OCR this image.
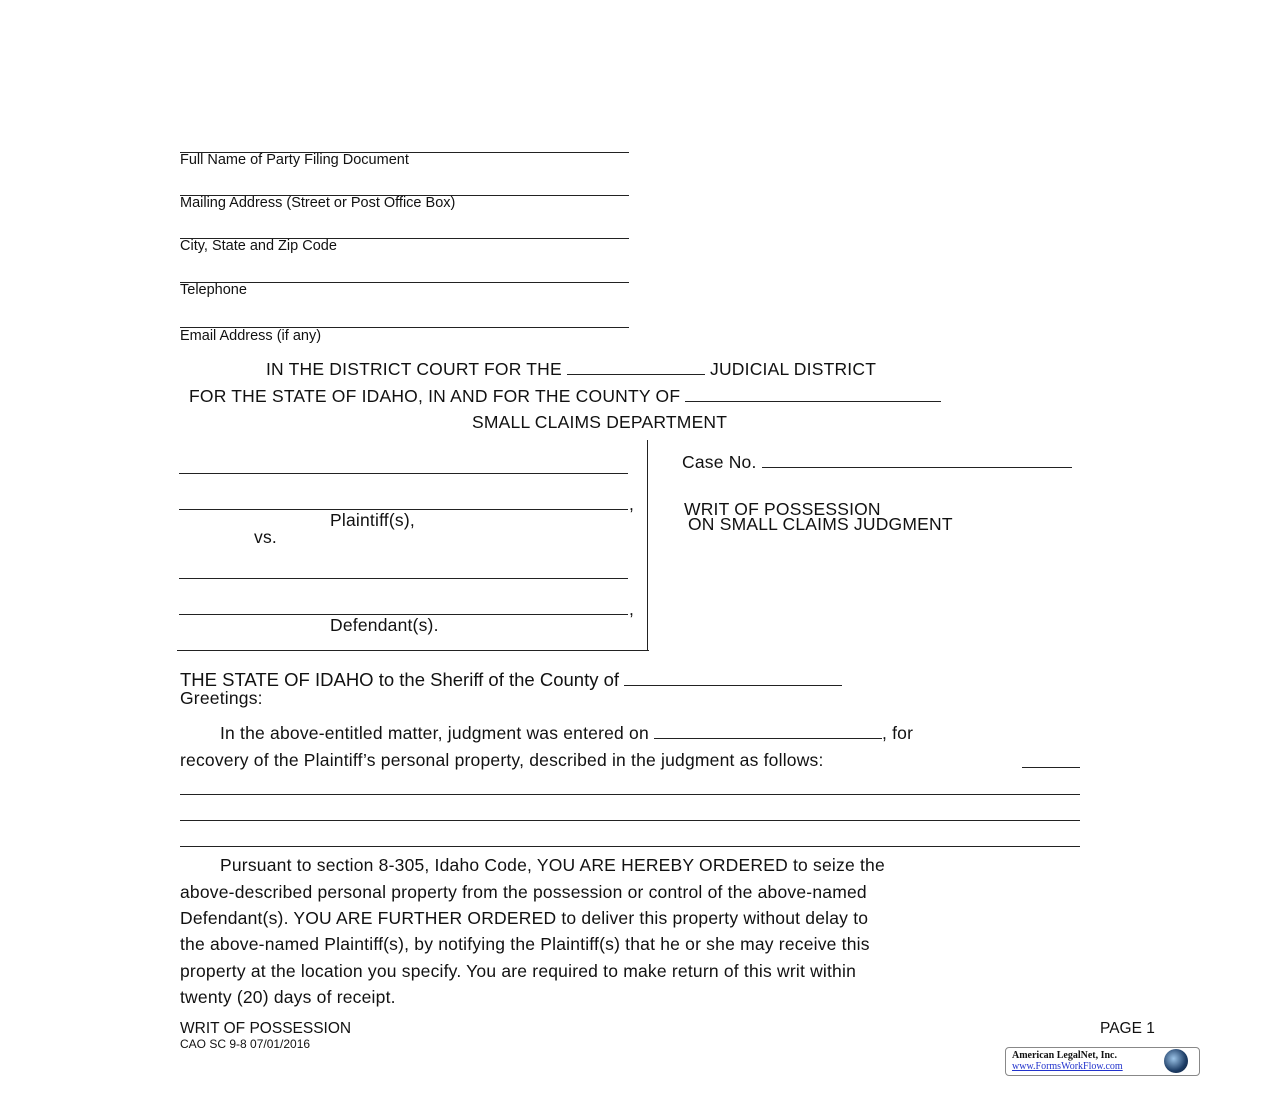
Full Name of Party Filing Document
Mailing Address (Street or Post Office Box)
City, State and Zip Code
Telephone
Email Address (if any)
IN THE DISTRICT COURT FOR THE	JUDICIAL DISTRICT
FOR THE STATE OF IDAHO, IN AND FOR THE COUNTY OF
SMALL CLAIMS DEPARTMENT
,
Plaintiff(s),
vs.
,
Defendant(s).
Case No.
WRIT OF POSSESSION
ON SMALL CLAIMS JUDGMENT
THE STATE OF IDAHO to the Sheriff of the County of
Greetings:
In the above-entitled matter, judgment was entered on	, for
recovery of the Plaintiff’s personal property, described in the judgment as follows:
Pursuant to section 8-305, Idaho Code, YOU ARE HEREBY ORDERED to seize the
above-described personal property from the possession or control of the above-named
Defendant(s). YOU ARE FURTHER ORDERED to deliver this property without delay to
the above-named Plaintiff(s), by notifying the Plaintiff(s) that he or she may receive this
property at the location you specify. You are required to make return of this writ within
twenty (20) days of receipt.
WRIT OF POSSESSION
CAO SC 9-8 07/01/2016
PAGE 1
American LegalNet, Inc.
www.FormsWorkFlow.com
